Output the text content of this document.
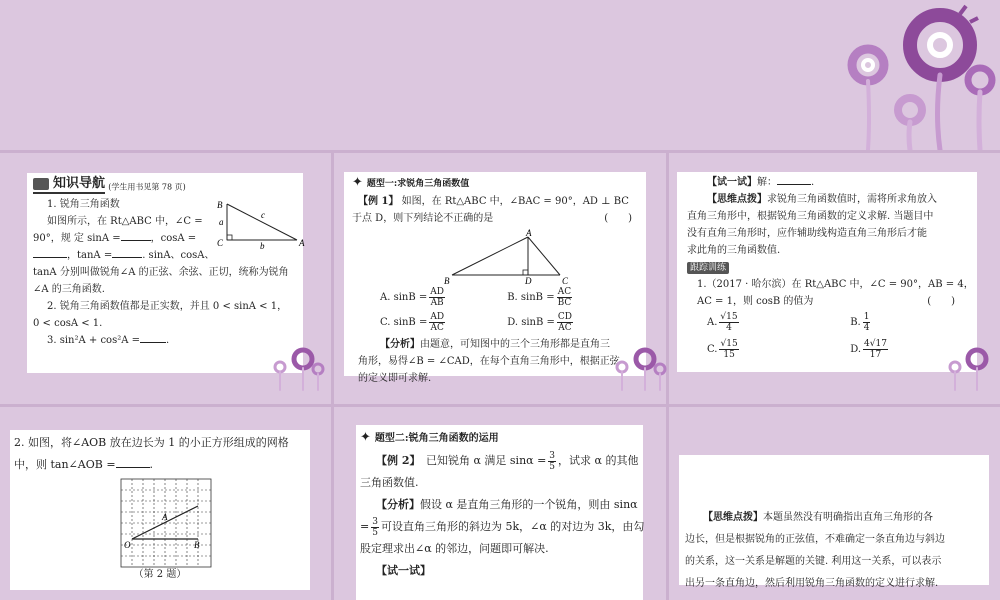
知识导航 (学生用书见第 78 页)
1. 锐角三角函数
如图所示，在 Rt△ABC 中，∠C =
90°，规 定 sinA =	，cosA =
，tanA =	. sinA、cosA、
tanA 分别叫做锐角∠A 的正弦、余弦、正切，统称为锐角
∠A 的三角函数.
2. 锐角三角函数值都是正实数，并且 0 < sinA < 1，
0 < cosA < 1.
3. sin²A + cos²A =	.
B
C	A
a
b
c
✦ 题型一:求锐角三角函数值
【例 1】 如图，在 Rt△ABC 中，∠BAC = 90°，AD ⊥ BC
于点 D，则下列结论不正确的是	(　　)
B	C
A
D
A. $\sin B = \frac{AD}{AB}$	B. $\sin B = \frac{AC}{BC}$
C. $\sin B = \frac{AD}{AC}$	D. $\sin B = \frac{CD}{AC}$
【分析】由题意，可知图中的三个三角形都是直角三
角形，易得∠B = ∠CAD，在每个直角三角形中，根据正弦
的定义即可求解.
【试一试】解：	.
【思维点拨】求锐角三角函数值时，需将所求角放入
直角三角形中，根据锐角三角函数的定义求解. 当题目中
没有直角三角形时，应作辅助线构造直角三角形后才能
求此角的三角函数值.
跟踪训练
1.（2017 · 哈尔滨）在 Rt△ABC 中，∠C = 90°，AB = 4，
AC = 1，则 cosB 的值为	(　　)
A. $\frac{√15}{4}$	B. $\frac{1}{4}$
C. $\frac{√15}{15}$	D. $\frac{4√17}{17}$
2. 如图，将∠AOB 放在边长为 1 的小正方形组成的网格
中，则 tan∠AOB =	.
O
A
B
（第 2 题）
✦ 题型二:锐角三角函数的运用
【例 2】　 已知锐角 α 满足 $\sin\alpha = \frac{3}{5}$ ，试求 α 的其他
三角函数值.
【分析】假设 α 是直角三角形的一个锐角，则由 sinα
= $\frac{3}{5}$ 可设直角三角形的斜边为 5k，∠α 的对边为 3k，由勾
股定理求出∠α 的邻边，问题即可解决.
【试一试】
【思维点拨】本题虽然没有明确指出直角三角形的各
边长，但是根据锐角的正弦值，不难确定一条直角边与斜边
的关系，这一关系是解题的关键. 利用这一关系，可以表示
出另一条直角边，然后利用锐角三角函数的定义进行求解.
